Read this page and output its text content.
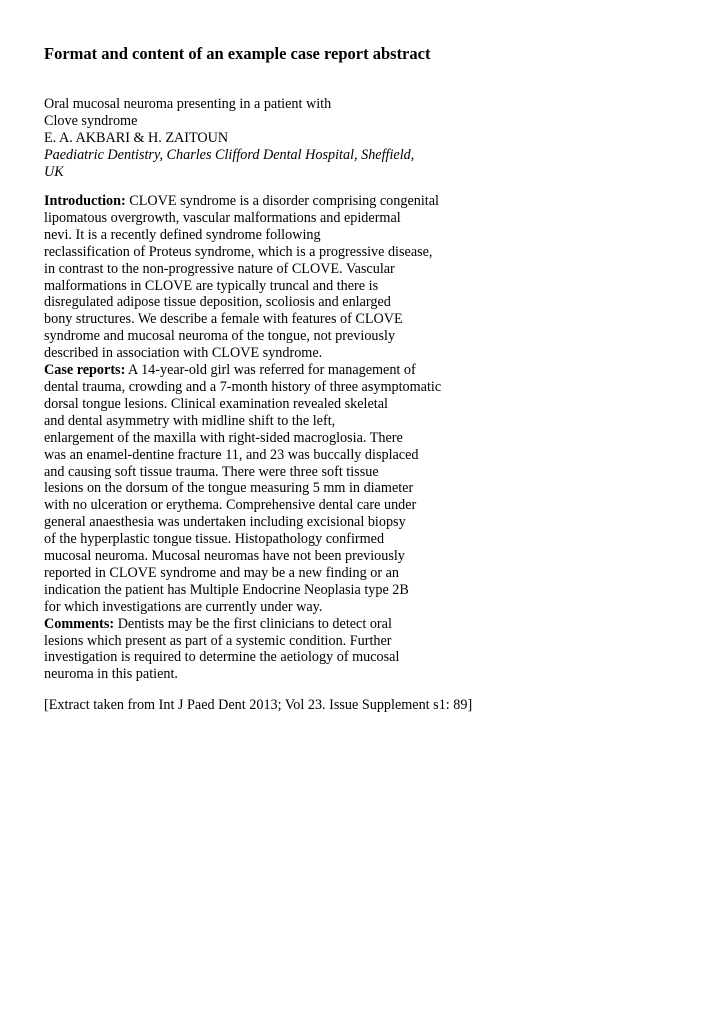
Format and content of an example case report abstract
Oral mucosal neuroma presenting in a patient with
Clove syndrome
E. A. AKBARI & H. ZAITOUN
Paediatric Dentistry, Charles Clifford Dental Hospital, Sheffield,
UK
Introduction: CLOVE syndrome is a disorder comprising congenital
lipomatous overgrowth, vascular malformations and epidermal
nevi. It is a recently defined syndrome following
reclassification of Proteus syndrome, which is a progressive disease,
in contrast to the non-progressive nature of CLOVE. Vascular
malformations in CLOVE are typically truncal and there is
disregulated adipose tissue deposition, scoliosis and enlarged
bony structures. We describe a female with features of CLOVE
syndrome and mucosal neuroma of the tongue, not previously
described in association with CLOVE syndrome.
Case reports: A 14-year-old girl was referred for management of
dental trauma, crowding and a 7-month history of three asymptomatic
dorsal tongue lesions. Clinical examination revealed skeletal
and dental asymmetry with midline shift to the left,
enlargement of the maxilla with right-sided macroglosia. There
was an enamel-dentine fracture 11, and 23 was buccally displaced
and causing soft tissue trauma. There were three soft tissue
lesions on the dorsum of the tongue measuring 5 mm in diameter
with no ulceration or erythema. Comprehensive dental care under
general anaesthesia was undertaken including excisional biopsy
of the hyperplastic tongue tissue. Histopathology confirmed
mucosal neuroma. Mucosal neuromas have not been previously
reported in CLOVE syndrome and may be a new finding or an
indication the patient has Multiple Endocrine Neoplasia type 2B
for which investigations are currently under way.
Comments: Dentists may be the first clinicians to detect oral
lesions which present as part of a systemic condition. Further
investigation is required to determine the aetiology of mucosal
neuroma in this patient.
[Extract taken from Int J Paed Dent 2013; Vol 23. Issue Supplement s1: 89]
